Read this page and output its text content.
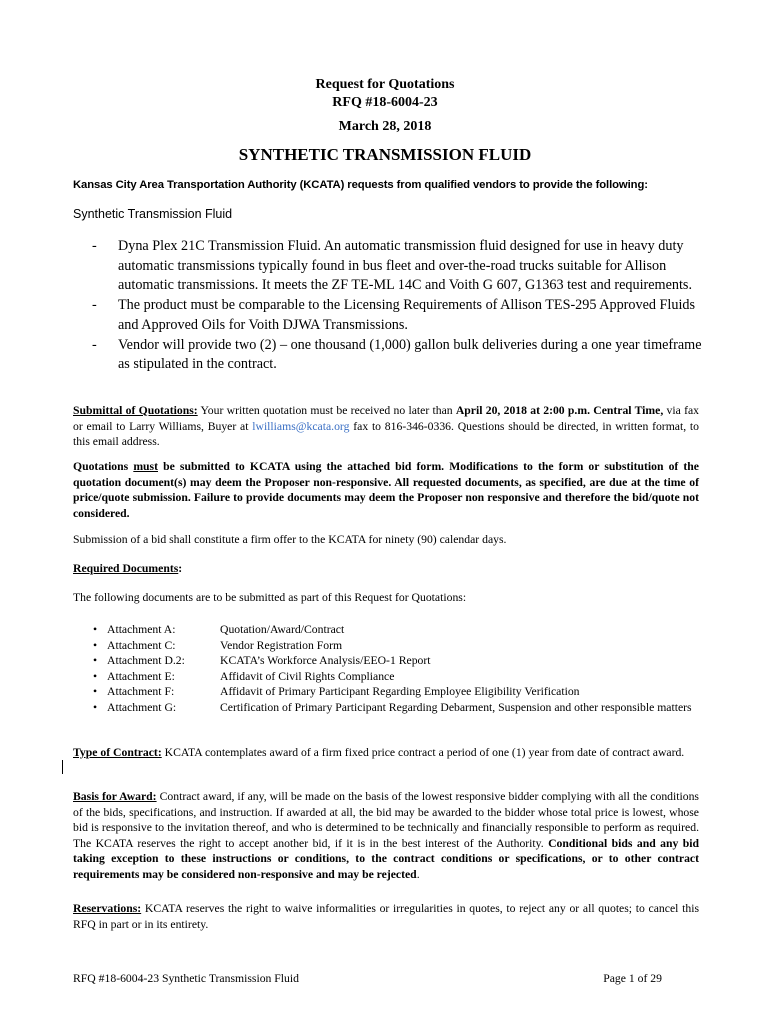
Request for Quotations
RFQ #18-6004-23
March 28, 2018
SYNTHETIC TRANSMISSION FLUID
Kansas City Area Transportation Authority (KCATA) requests from qualified vendors to provide the following:
Synthetic Transmission Fluid
- Dyna Plex 21C Transmission Fluid. An automatic transmission fluid designed for use in heavy duty automatic transmissions typically found in bus fleet and over-the-road trucks suitable for Allison automatic transmissions. It meets the ZF TE-ML 14C and Voith G 607, G1363 test and requirements.
- The product must be comparable to the Licensing Requirements of Allison TES-295 Approved Fluids and Approved Oils for Voith DJWA Transmissions.
- Vendor will provide two (2) – one thousand (1,000) gallon bulk deliveries during a one year timeframe as stipulated in the contract.
Submittal of Quotations: Your written quotation must be received no later than April 20, 2018 at 2:00 p.m. Central Time, via fax or email to Larry Williams, Buyer at lwilliams@kcata.org fax to 816-346-0336. Questions should be directed, in written format, to this email address.
Quotations must be submitted to KCATA using the attached bid form. Modifications to the form or substitution of the quotation document(s) may deem the Proposer non-responsive. All requested documents, as specified, are due at the time of price/quote submission. Failure to provide documents may deem the Proposer non responsive and therefore the bid/quote not considered.
Submission of a bid shall constitute a firm offer to the KCATA for ninety (90) calendar days.
Required Documents:
The following documents are to be submitted as part of this Request for Quotations:
• Attachment A:	Quotation/Award/Contract
• Attachment C:	Vendor Registration Form
• Attachment D.2:	KCATA’s Workforce Analysis/EEO-1 Report
• Attachment E:	Affidavit of Civil Rights Compliance
• Attachment F:	Affidavit of Primary Participant Regarding Employee Eligibility Verification
• Attachment G:	Certification of Primary Participant Regarding Debarment, Suspension and other responsible matters
Type of Contract: KCATA contemplates award of a firm fixed price contract a period of one (1) year from date of contract award.
Basis for Award: Contract award, if any, will be made on the basis of the lowest responsive bidder complying with all the conditions of the bids, specifications, and instruction. If awarded at all, the bid may be awarded to the bidder whose total price is lowest, whose bid is responsive to the invitation thereof, and who is determined to be technically and financially responsible to perform as required. The KCATA reserves the right to accept another bid, if it is in the best interest of the Authority. Conditional bids and any bid taking exception to these instructions or conditions, to the contract conditions or specifications, or to other contract requirements may be considered non-responsive and may be rejected.
Reservations: KCATA reserves the right to waive informalities or irregularities in quotes, to reject any or all quotes; to cancel this RFQ in part or in its entirety.
RFQ #18-6004-23 Synthetic Transmission Fluid	Page 1 of 29
